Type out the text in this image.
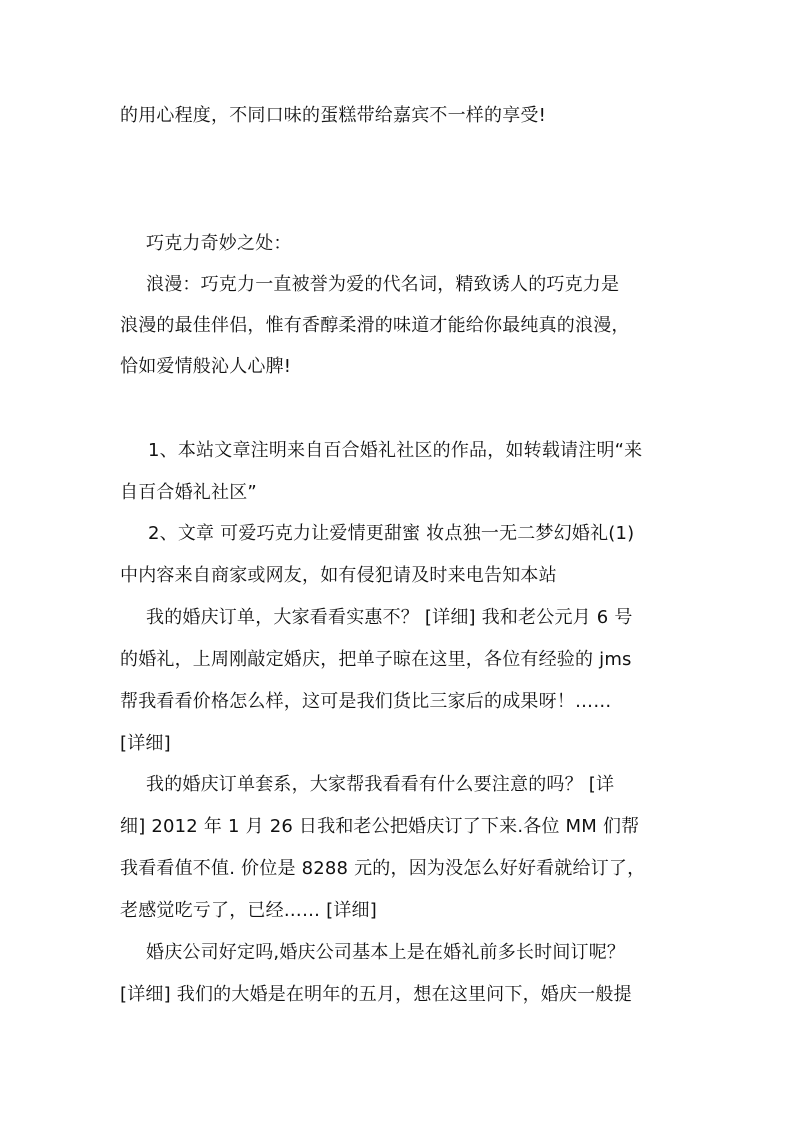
的用心程度，不同口味的蛋糕带给嘉宾不一样的享受!
巧克力奇妙之处：
浪漫：巧克力一直被誉为爱的代名词，精致诱人的巧克力是
浪漫的最佳伴侣，惟有香醇柔滑的味道才能给你最纯真的浪漫，
恰如爱情般沁人心脾!
1、本站文章注明来自百合婚礼社区的作品，如转载请注明“来
自百合婚礼社区”
2、文章 可爱巧克力让爱情更甜蜜 妆点独一无二梦幻婚礼(1)
中内容来自商家或网友，如有侵犯请及时来电告知本站
我的婚庆订单，大家看看实惠不？ [详细] 我和老公元月 6 号
的婚礼，上周刚敲定婚庆，把单子晾在这里，各位有经验的 jms
帮我看看价格怎么样，这可是我们货比三家后的成果呀！……
[详细]
我的婚庆订单套系，大家帮我看看有什么要注意的吗？ [详
细] 2012 年 1 月 26 日我和老公把婚庆订了下来.各位 MM 们帮
我看看值不值. 价位是 8288 元的，因为没怎么好好看就给订了，
老感觉吃亏了，已经…… [详细]
婚庆公司好定吗,婚庆公司基本上是在婚礼前多长时间订呢？
[详细] 我们的大婚是在明年的五月，想在这里问下，婚庆一般提
